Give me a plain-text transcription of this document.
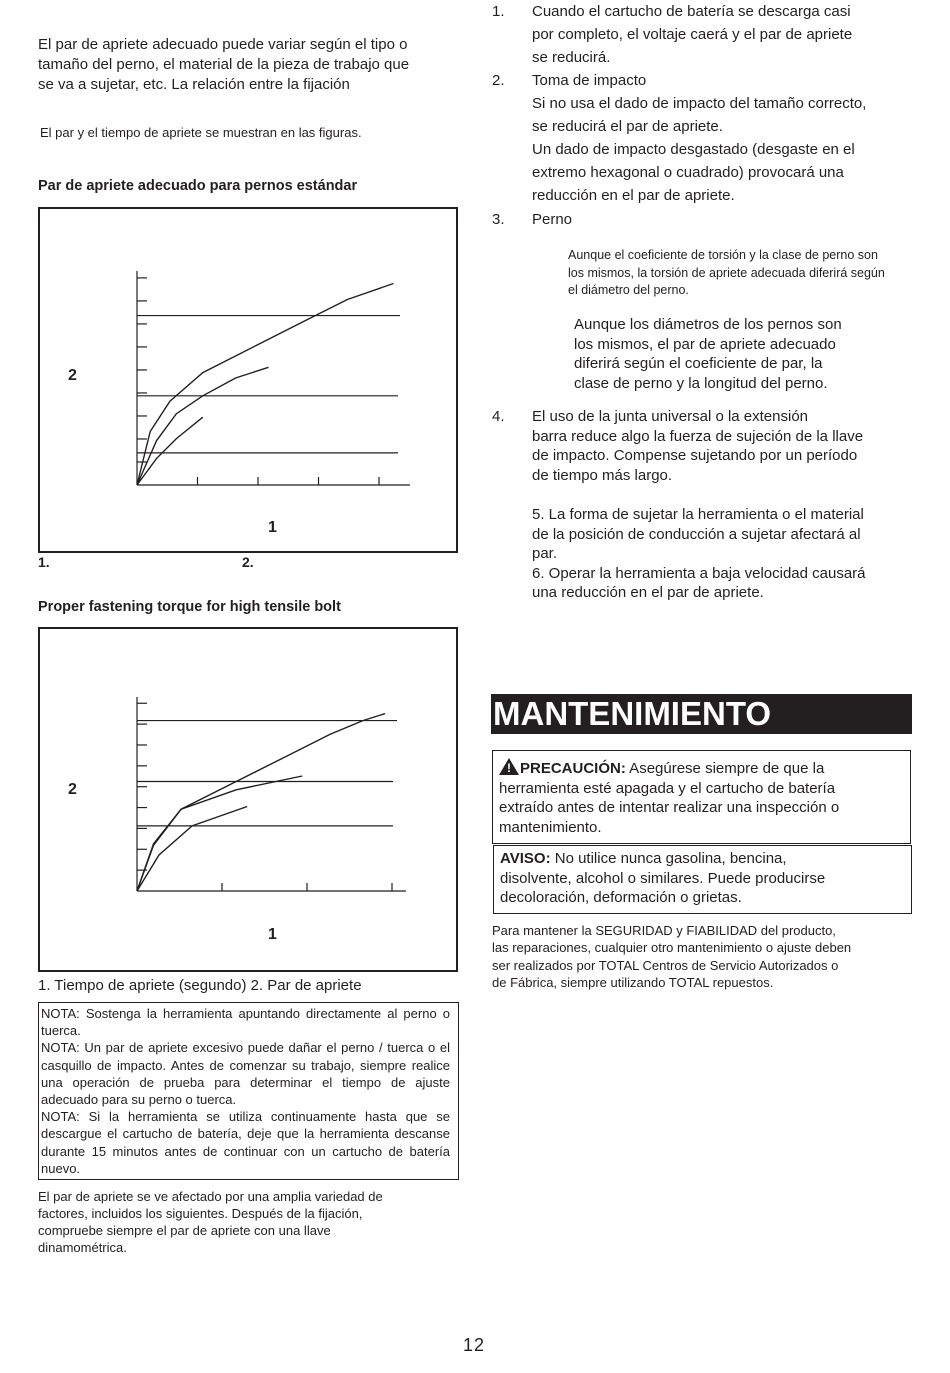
El par de apriete adecuado puede variar según el tipo o
tamaño del perno, el material de la pieza de trabajo que
se va a sujetar, etc. La relación entre la fijación
El par y el tiempo de apriete se muestran en las figuras.
Par de apriete adecuado para pernos estándar
2
1
1.	2.
Proper fastening torque for high tensile bolt
2
1
1. Tiempo de apriete (segundo) 2. Par de apriete

NOTA: Sostenga la herramienta apuntando directamente al perno o tuerca.

NOTA: Un par de apriete excesivo puede dañar el perno / tuerca o el casquillo de impacto. Antes de comenzar su trabajo, siempre realice una operación de prueba para determinar el tiempo de ajuste adecuado para su perno o tuerca.

NOTA: Si la herramienta se utiliza continuamente hasta que se descargue el cartucho de batería, deje que la herramienta descanse durante 15 minutos antes de continuar con un cartucho de batería nuevo.

El par de apriete se ve afectado por una amplia variedad de
factores, incluidos los siguientes. Después de la fijación,
compruebe siempre el par de apriete con una llave
dinamométrica.
1.	Cuando el cartucho de batería se descarga casi
por completo, el voltaje caerá y el par de apriete
se reducirá.
2.	Toma de impacto
Si no usa el dado de impacto del tamaño correcto,
se reducirá el par de apriete.
Un dado de impacto desgastado (desgaste en el
extremo hexagonal o cuadrado) provocará una
reducción en el par de apriete.
3.	Perno
Aunque el coeficiente de torsión y la clase de perno son
los mismos, la torsión de apriete adecuada diferirá según
el diámetro del perno.
Aunque los diámetros de los pernos son
los mismos, el par de apriete adecuado
diferirá según el coeficiente de par, la
clase de perno y la longitud del perno.
4.	El uso de la junta universal o la extensión
barra reduce algo la fuerza de sujeción de la llave
de impacto. Compense sujetando por un período
de tiempo más largo.
5. La forma de sujetar la herramienta o el material
de la posición de conducción a sujetar afectará al
par.
6. Operar la herramienta a baja velocidad causará
una reducción en el par de apriete.
MANTENIMIENTO
! PRECAUCIÓN: Asegúrese siempre de que la
herramienta esté apagada y el cartucho de batería
extraído antes de intentar realizar una inspección o
mantenimiento.
AVISO: No utilice nunca gasolina, bencina,
disolvente, alcohol o similares. Puede producirse
decoloración, deformación o grietas.
Para mantener la SEGURIDAD y FIABILIDAD del producto,
las reparaciones, cualquier otro mantenimiento o ajuste deben
ser realizados por TOTAL Centros de Servicio Autorizados o
de Fábrica, siempre utilizando TOTAL repuestos.
12
